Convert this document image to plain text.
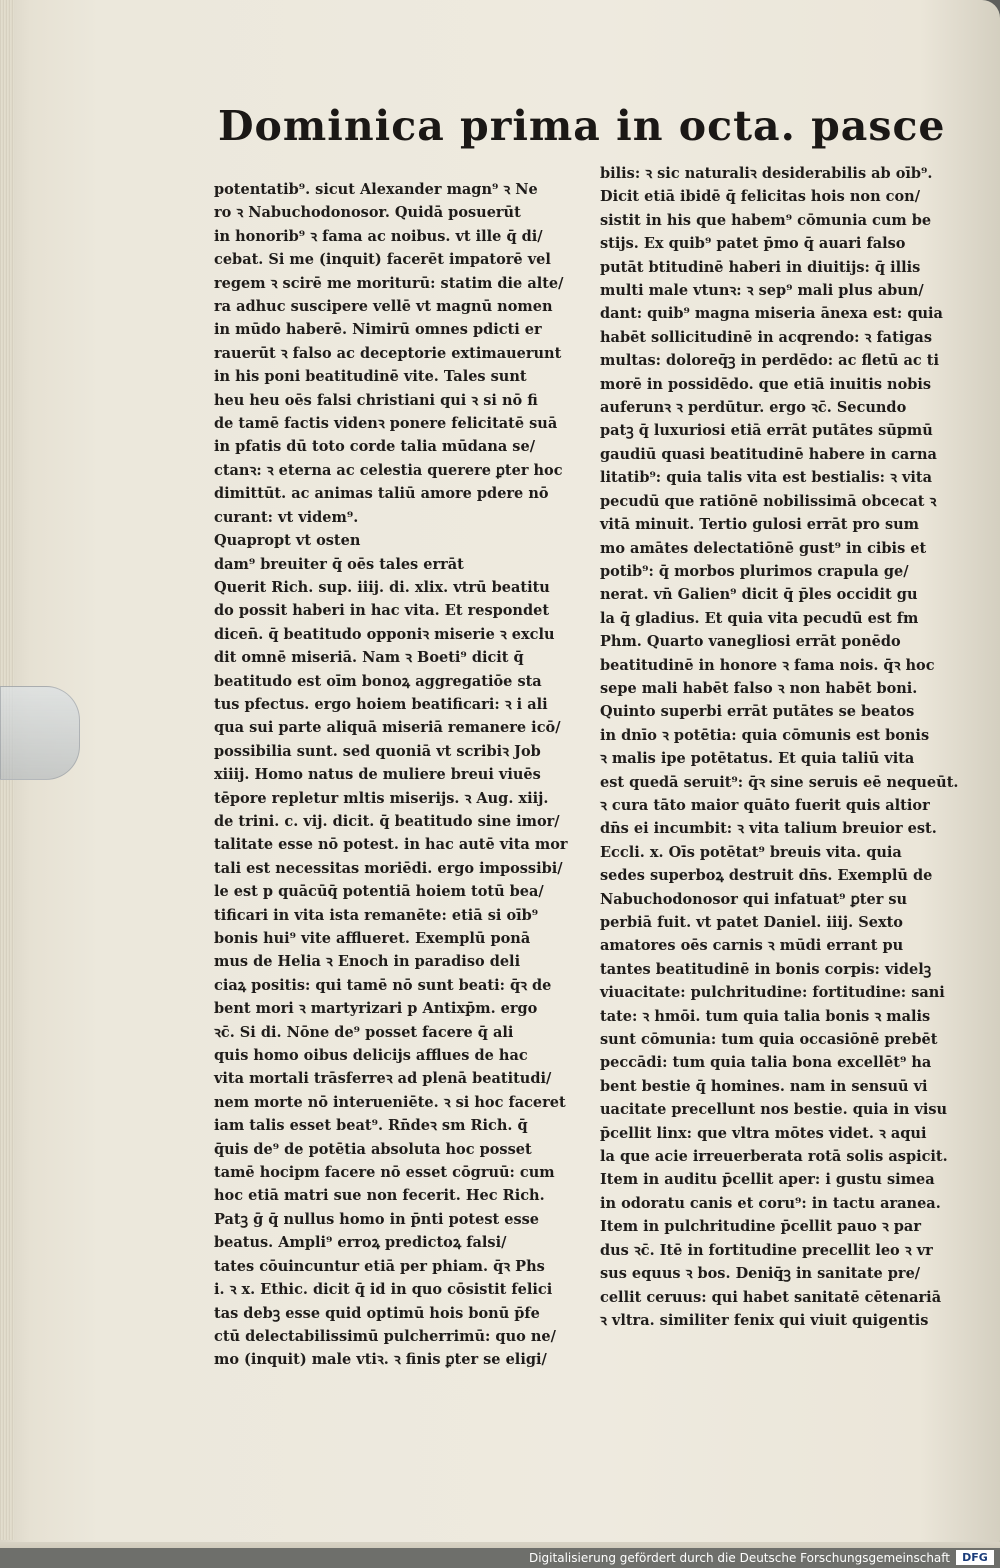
Dominica prima in octa. pasce
potentatib⁹. sicut Alexander magn⁹ ꝛ Ne
ro ꝛ Nabuchodonosor. Quidā posuerūt
in honorib⁹ ꝛ fama ac noibus. vt ille q̄ di/
cebat. Si me (inquit) facerēt impatorē vel
regem ꝛ scirē me moriturū: statim die alte/
ra adhuc suscipere vellē vt magnū nomen
in mūdo haberē. Nimirū omnes pdicti er
rauerūt ꝛ falso ac deceptorie extimauerunt
in his poni beatitudinē vite. Tales sunt
heu heu oēs falsi christiani qui ꝛ si nō fi
de tamē factis videnꝛ ponere felicitatē suā
in pfatis dū toto corde talia mūdana se/
ctanꝛ: ꝛ eterna ac celestia querere ꝑter hoc
dimittūt. ac animas taliū amore pdere nō
curant: vt videm⁹.
Quapropt vt osten
dam⁹ breuiter q̄ oēs tales errāt
Querit Rich. sup. iiij. di. xlix. vtrū beatitu
do possit haberi in hac vita. Et respondet
dicen̄. q̄ beatitudo opponiꝛ miserie ꝛ exclu
dit omnē miseriā. Nam ꝛ Boeti⁹ dicit q̄
beatitudo est oīm bonoꝝ aggregatiōe sta
tus pfectus. ergo hoiem beatificari: ꝛ i ali
qua sui parte aliquā miseriā remanere icō/
possibilia sunt. sed quoniā vt scribiꝛ Job
xiiij. Homo natus de muliere breui viuēs
tēpore repletur mltis miserijs. ꝛ Aug. xiij.
de trini. c. vij. dicit. q̄ beatitudo sine imor/
talitate esse nō potest. in hac autē vita mor
tali est necessitas moriēdi. ergo impossibi/
le est p quācūq̄ potentiā hoiem totū bea/
tificari in vita ista remanēte: etiā si oīb⁹
bonis hui⁹ vite afflueret. Exemplū ponā
mus de Helia ꝛ Enoch in paradiso deli
ciaꝝ positis: qui tamē nō sunt beati: q̄ꝛ de
bent mori ꝛ martyrizari p Antixp̄m. ergo
ꝛc̄. Si di. Nōne de⁹ posset facere q̄ ali
quis homo oibus delicijs afflues de hac
vita mortali trāsferreꝛ ad plenā beatitudi/
nem morte nō interueniēte. ꝛ si hoc faceret
iam talis esset beat⁹. Rn̄deꝛ sm Rich. q̄
q̄uis de⁹ de potētia absoluta hoc posset
tamē hocipm facere nō esset cōgruū: cum
hoc etiā matri sue non fecerit. Hec Rich.
Patꝫ ḡ q̄ nullus homo in p̄nti potest esse
beatus. Ampli⁹ erroꝝ predictoꝝ falsi/
tates cōuincuntur etiā per phiam. q̄ꝛ Phs
i. ꝛ x. Ethic. dicit q̄ id in quo cōsistit felici
tas debꝫ esse quid optimū hois bonū p̄fe
ctū delectabilissimū pulcherrimū: quo ne/
mo (inquit) male vtiꝛ. ꝛ finis ꝑter se eligi/
bilis: ꝛ sic naturaliꝛ desiderabilis ab oīb⁹.
Dicit etiā ibidē q̄ felicitas hois non con/
sistit in his que habem⁹ cōmunia cum be
stijs. Ex quib⁹ patet p̄mo q̄ auari falso
putāt btitudinē haberi in diuitijs: q̄ illis
multi male vtunꝛ: ꝛ sep⁹ mali plus abun/
dant: quib⁹ magna miseria ānexa est: quia
habēt sollicitudinē in acqrendo: ꝛ fatigas
multas: doloreq̄ꝫ in perdēdo: ac fletū ac ti
morē in possidēdo. que etiā inuitis nobis
auferunꝛ ꝛ perdūtur. ergo ꝛc̄. Secundo
patꝫ q̄ luxuriosi etiā errāt putātes sūpmū
gaudiū quasi beatitudinē habere in carna
litatib⁹: quia talis vita est bestialis: ꝛ vita
pecudū que ratiōnē nobilissimā obcecat ꝛ
vitā minuit. Tertio gulosi errāt pro sum
mo amātes delectatiōnē gust⁹ in cibis et
potib⁹: q̄ morbos plurimos crapula ge/
nerat. vn̄ Galien⁹ dicit q̄ p̄les occidit gu
la q̄ gladius. Et quia vita pecudū est fm
Phm. Quarto vanegliosi errāt ponēdo
beatitudinē in honore ꝛ fama nois. q̄ꝛ hoc
sepe mali habēt falso ꝛ non habēt boni.
Quinto superbi errāt putātes se beatos
in dnīo ꝛ potētia: quia cōmunis est bonis
ꝛ malis ipe potētatus. Et quia taliū vita
est quedā seruit⁹: q̄ꝛ sine seruis eē nequeūt.
ꝛ cura tāto maior quāto fuerit quis altior
dn̄s ei incumbit: ꝛ vita talium breuior est.
Eccli. x. Oīs potētat⁹ breuis vita. quia
sedes superboꝝ destruit dn̄s. Exemplū de
Nabuchodonosor qui infatuat⁹ ꝑter su
perbiā fuit. vt patet Daniel. iiij. Sexto
amatores oēs carnis ꝛ mūdi errant pu
tantes beatitudinē in bonis corpis: videlꝫ
viuacitate: pulchritudine: fortitudine: sani
tate: ꝛ hmōi. tum quia talia bonis ꝛ malis
sunt cōmunia: tum quia occasiōnē prebēt
peccādi: tum quia talia bona excellēt⁹ ha
bent bestie q̄ homines. nam in sensuū vi
uacitate precellunt nos bestie. quia in visu
p̄cellit linx: que vltra mōtes videt. ꝛ aqui
la que acie irreuerberata rotā solis aspicit.
Item in auditu p̄cellit aper: i gustu simea
in odoratu canis et coru⁹: in tactu aranea.
Item in pulchritudine p̄cellit pauo ꝛ par
dus ꝛc̄. Itē in fortitudine precellit leo ꝛ vr
sus equus ꝛ bos. Deniq̄ꝫ in sanitate pre/
cellit ceruus: qui habet sanitatē cētenariā
ꝛ vltra. similiter fenix qui viuit quigentis
Digitalisierung gefördert durch die Deutsche Forschungsgemeinschaft	DFG
